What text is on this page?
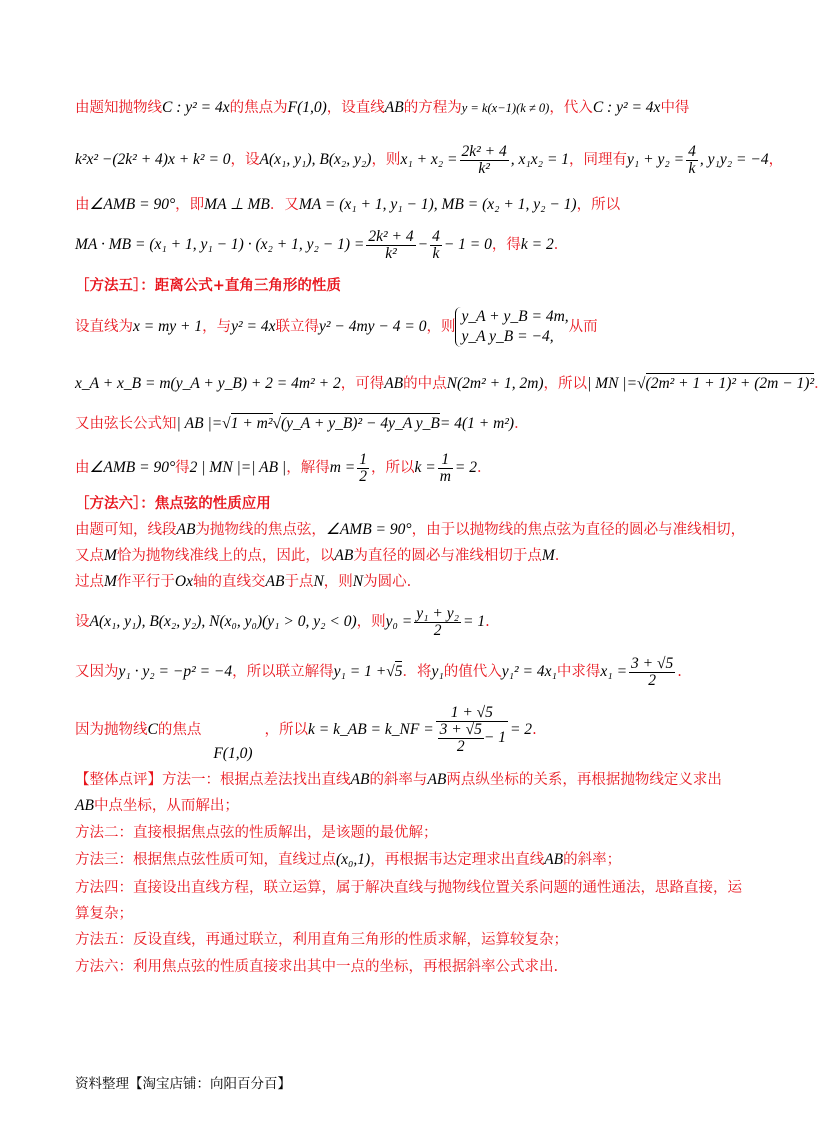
由题知抛物线C : y² = 4x的焦点为F(1,0)，设直线AB的方程为y = k(x−1)(k ≠ 0)，代入C : y² = 4x中得
k²x² −(2k² + 4)x + k² = 0，设A(x₁, y₁), B(x₂, y₂)，则$x_1 + x_2 = \frac{\text{2k² + 4}}{\text{k²}}$ , x₁x₂ = 1，同理有$y_1 + y_2 = \frac{4}{k}$ , y₁y₂ = −4，
由∠AMB = 90°，即MA ⊥ MB．又MA = (x₁ + 1, y₁ − 1), MB = (x₂ + 1, y₂ − 1)，所以
MA · MB = (x₁ + 1, y₁ − 1) · (x₂ + 1, $y_2 - 1) = \frac{\text{2k² + 4}}{\text{k²}} - \frac{4}{k} - 1 = 0$，得k = 2．
［方法五］：距离公式+直角三角形的性质
设直线为x = my + 1，与y² = 4x联立得y² − 4my − 4 = 0，则
y_A + y_B = 4m,
y_A y_B = −4,
从而
x_A + x_B = m(y_A + y_B) + 2 = 4m² + 2，可得AB的中点N(2m² + 1, 2m)，所以| MN |=√(2m² + 1 + 1)² + (2m − 1)²．
又由弦长公式知| AB |=√1 + m²√(y_A + y_B)² − 4y_A y_B= 4(1 + m²)．
由∠AMB = 90°得2 | MN |=| AB |，解得$m = \frac{1}{2}$ ，所以$k = \frac{1}{m} = 2$．
［方法六］：焦点弦的性质应用
由题可知，线段AB为抛物线的焦点弦，∠AMB = 90°，由于以抛物线的焦点弦为直径的圆必与准线相切，
又点M恰为抛物线准线上的点，因此，以AB为直径的圆必与准线相切于点M.
过点M作平行于Ox轴的直线交AB于点N，则N为圆心.
设A(x₁, y₁), B(x₂, y₂), N(x₀, y₀)(y₁ > 0, y₂ < 0)，则$y_0 = \frac{\text{y₁ + y₂}}{2} = 1$.
又因为y₁ · y₂ = −p² = −4，所以联立解得y₁ = 1 +√5．将y₁的值代入y₁² = 4x₁中求得$x_1 = \frac{3 + √5}{2}$ .
因为抛物线C的焦点F(1,0)，所以k = k_AB = k_NF = $\frac{1 + √5}{\frac{3 + √5}{2} - 1} = 2$.
【整体点评】方法一：根据点差法找出直线AB的斜率与AB两点纵坐标的关系，再根据抛物线定义求出
AB中点坐标，从而解出；
方法二：直接根据焦点弦的性质解出，是该题的最优解；
方法三：根据焦点弦性质可知，直线过点(x₀,1)，再根据韦达定理求出直线AB的斜率；
方法四：直接设出直线方程，联立运算，属于解决直线与抛物线位置关系问题的通性通法，思路直接，运
算复杂；
方法五：反设直线，再通过联立，利用直角三角形的性质求解，运算较复杂；
方法六：利用焦点弦的性质直接求出其中一点的坐标，再根据斜率公式求出.
资料整理【淘宝店铺：向阳百分百】
